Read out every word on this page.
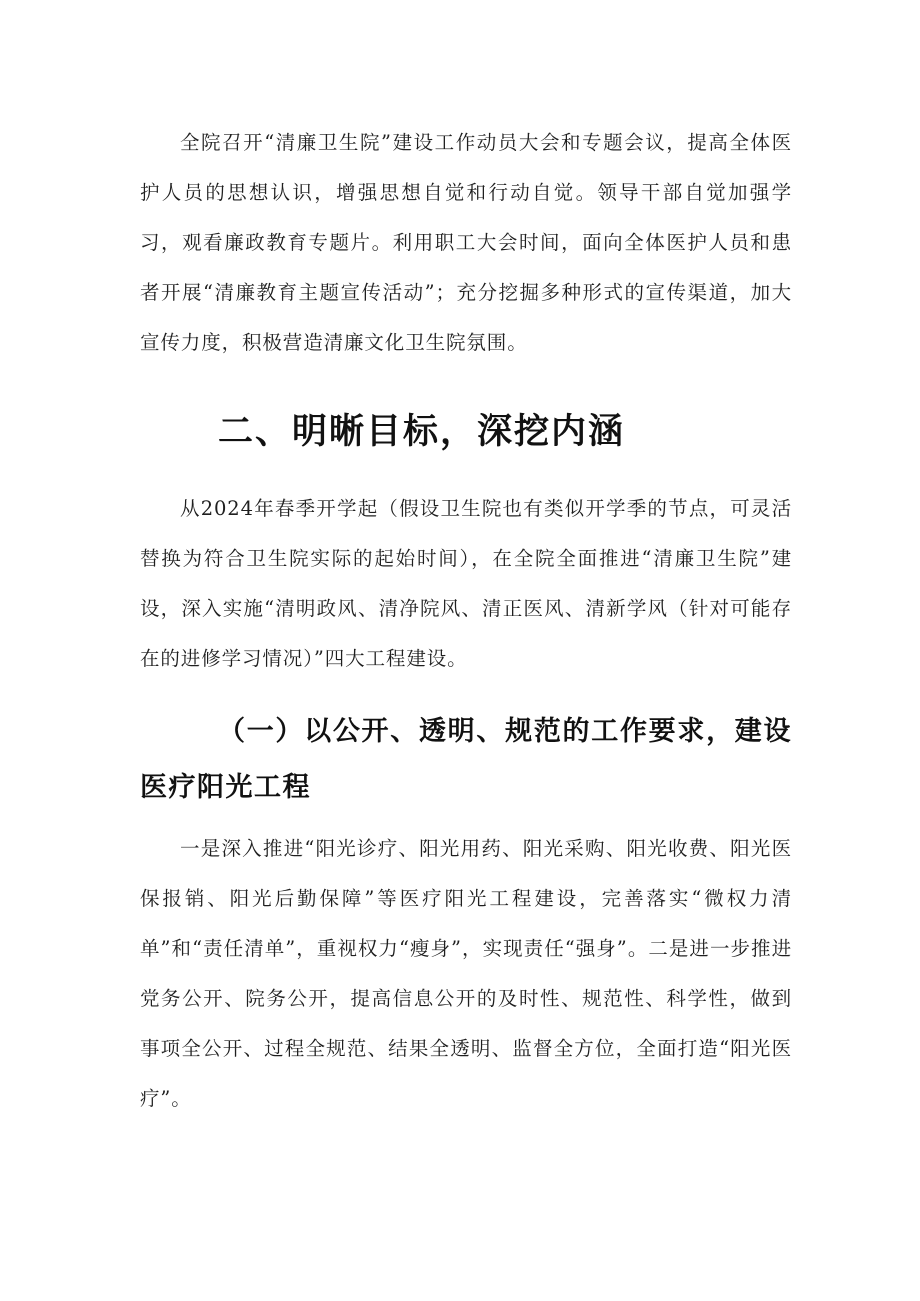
全院召开“清廉卫生院”建设工作动员大会和专题会议，提高全体医护人员的思想认识，增强思想自觉和行动自觉。领导干部自觉加强学习，观看廉政教育专题片。利用职工大会时间，面向全体医护人员和患者开展“清廉教育主题宣传活动”；充分挖掘多种形式的宣传渠道，加大宣传力度，积极营造清廉文化卫生院氛围。

二、明晰目标，深挖内涵

从2024年春季开学起（假设卫生院也有类似开学季的节点，可灵活替换为符合卫生院实际的起始时间），在全院全面推进“清廉卫生院”建设，深入实施“清明政风、清净院风、清正医风、清新学风（针对可能存在的进修学习情况）”四大工程建设。

（一）以公开、透明、规范的工作要求，建设医疗阳光工程

一是深入推进“阳光诊疗、阳光用药、阳光采购、阳光收费、阳光医保报销、阳光后勤保障”等医疗阳光工程建设，完善落实“微权力清单”和“责任清单”，重视权力“瘦身”，实现责任“强身”。二是进一步推进党务公开、院务公开，提高信息公开的及时性、规范性、科学性，做到事项全公开、过程全规范、结果全透明、监督全方位，全面打造“阳光医疗”。
